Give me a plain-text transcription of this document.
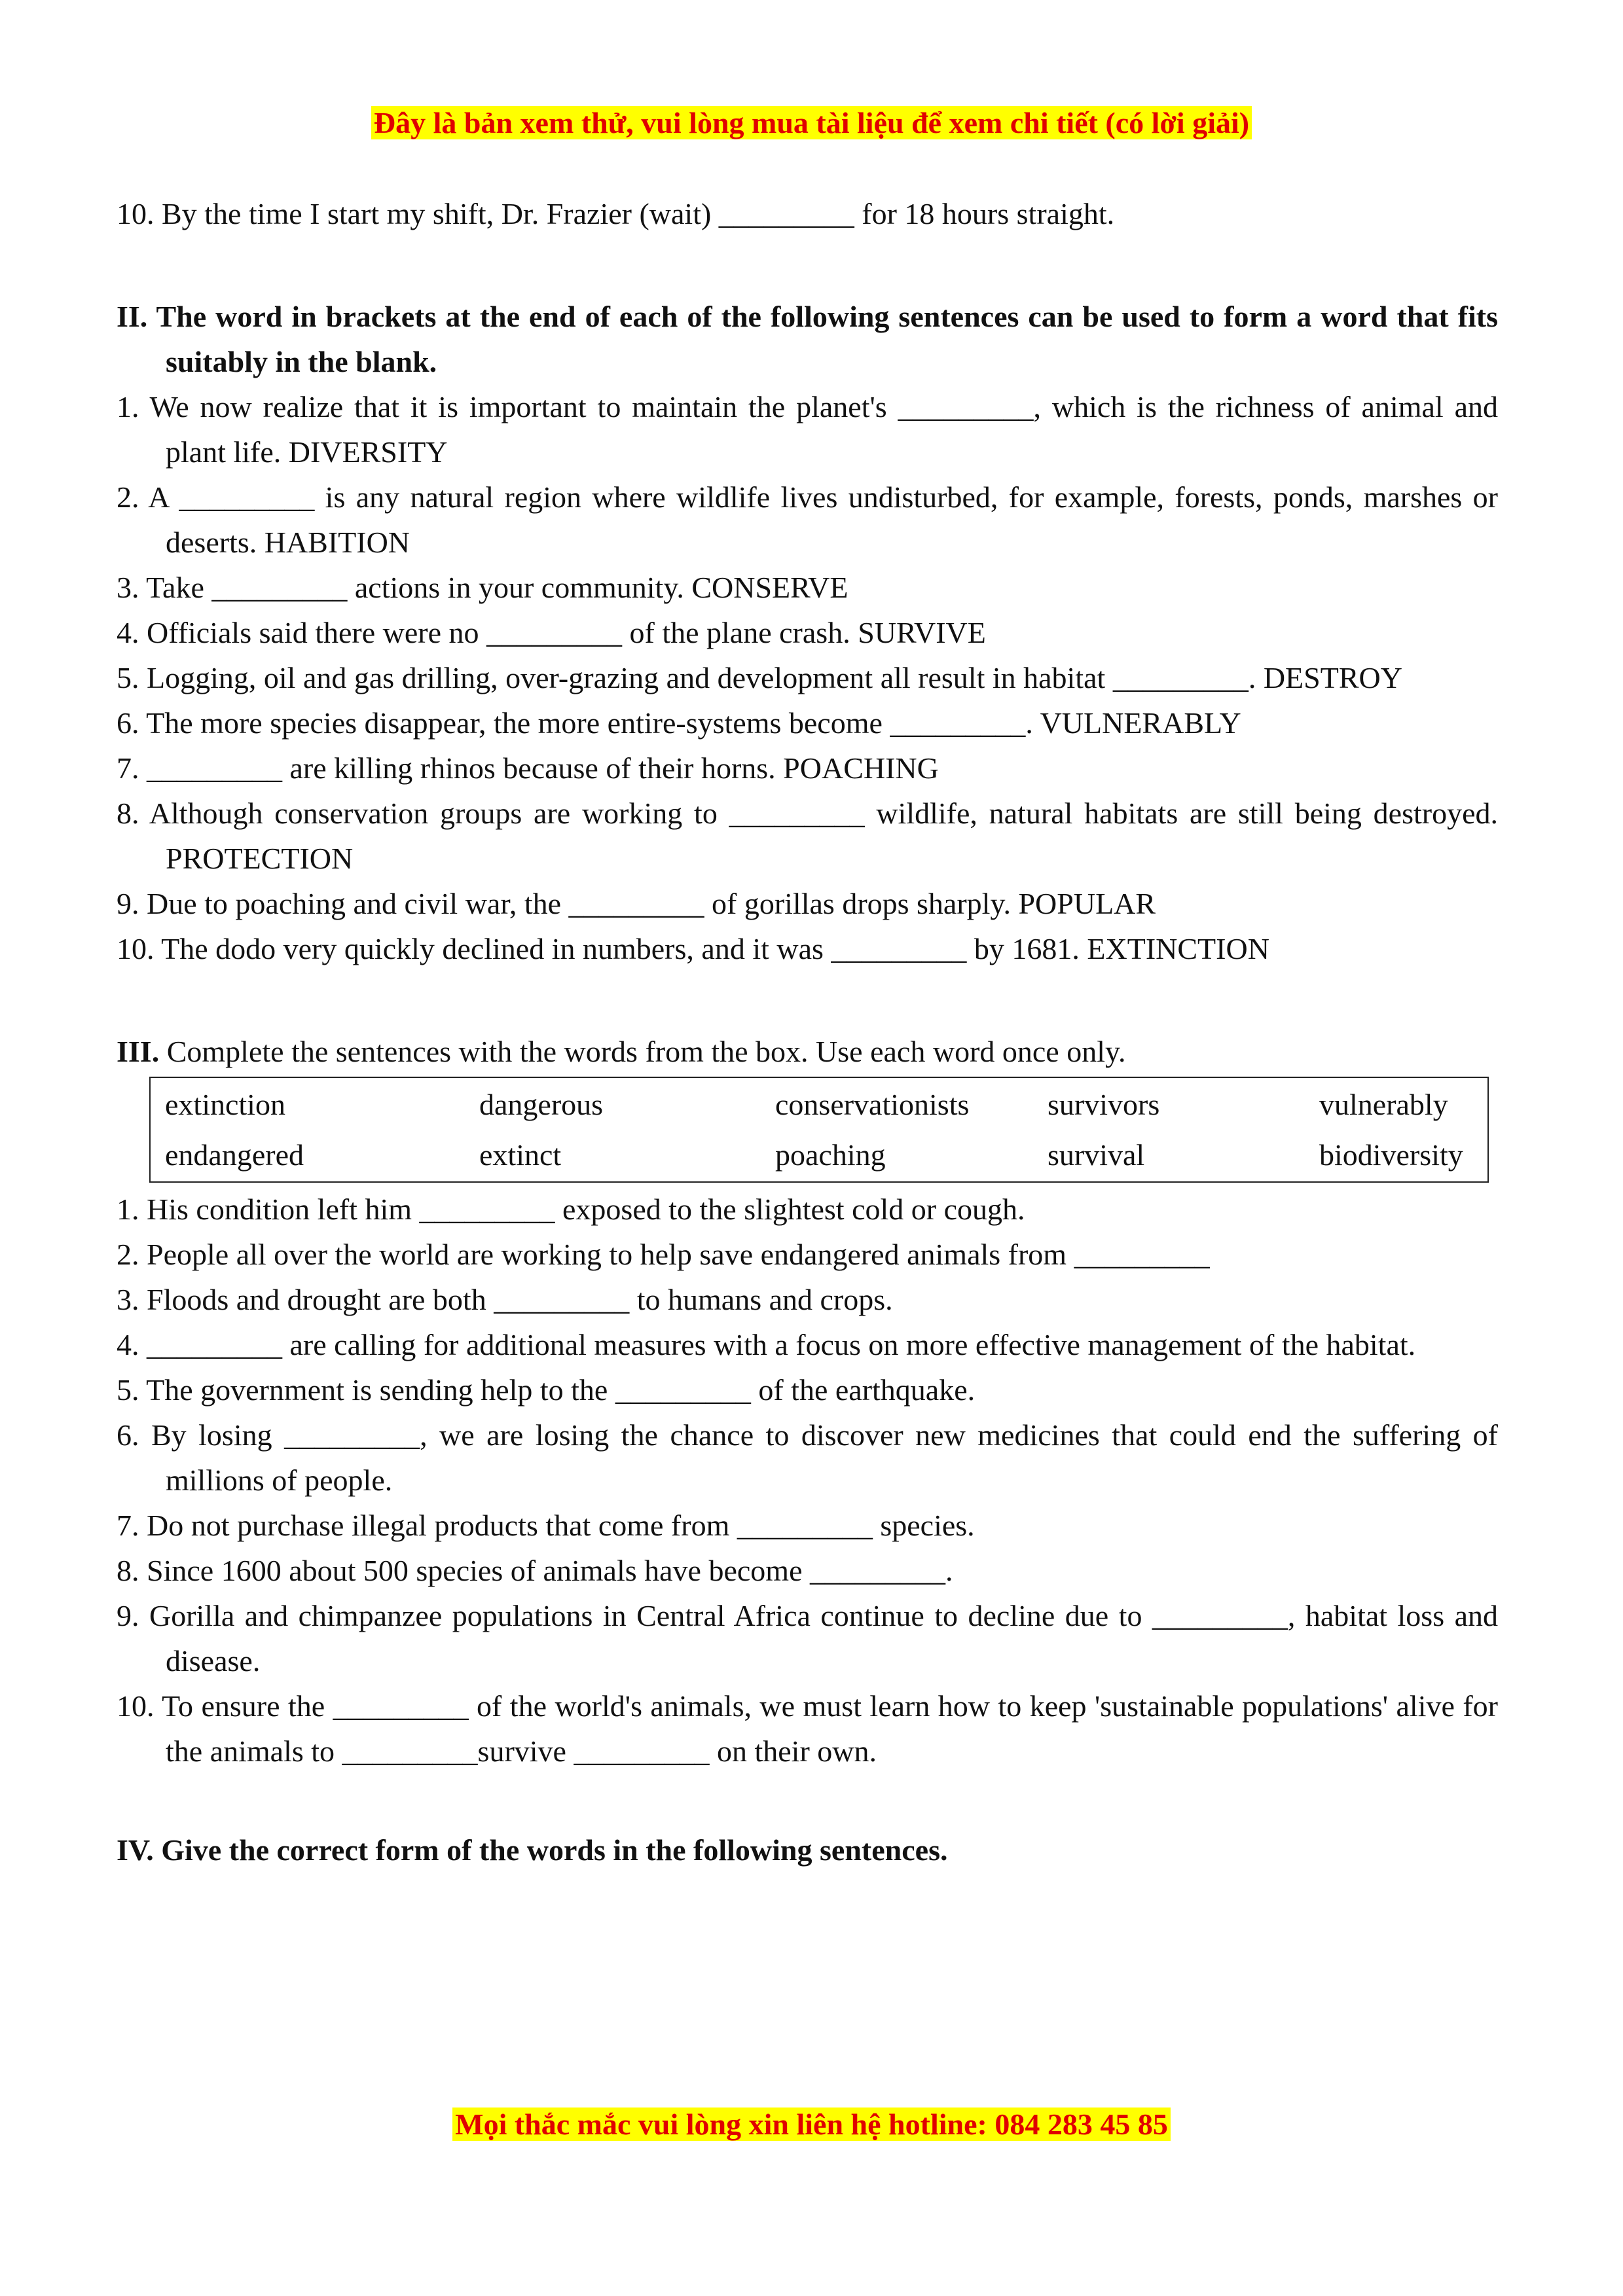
Đây là bản xem thử, vui lòng mua tài liệu để xem chi tiết (có lời giải)

10. By the time I start my shift, Dr. Frazier (wait) _________ for 18 hours straight.

II. The word in brackets at the end of each of the following sentences can be used to form a word that fits suitably in the blank.

1. We now realize that it is important to maintain the planet's _________, which is the richness of animal and plant life. DIVERSITY

2. A _________ is any natural region where wildlife lives undisturbed, for example, forests, ponds, marshes or deserts. HABITION

3. Take _________ actions in your community. CONSERVE

4. Officials said there were no _________ of the plane crash. SURVIVE

5. Logging, oil and gas drilling, over-grazing and development all result in habitat _________. DESTROY

6. The more species disappear, the more entire-systems become _________. VULNERABLY

7. _________ are killing rhinos because of their horns. POACHING

8. Although conservation groups are working to _________ wildlife, natural habitats are still being destroyed. PROTECTION

9. Due to poaching and civil war, the _________ of gorillas drops sharply. POPULAR

10. The dodo very quickly declined in numbers, and it was _________ by 1681. EXTINCTION

III. Complete the sentences with the words from the box. Use each word once only.

extinction	dangerous	conservationists	survivors	vulnerably
endangered	extinct	poaching	survival	biodiversity

1. His condition left him _________ exposed to the slightest cold or cough.

2. People all over the world are working to help save endangered animals from _________

3. Floods and drought are both _________ to humans and crops.

4. _________ are calling for additional measures with a focus on more effective management of the habitat.

5. The government is sending help to the _________ of the earthquake.

6. By losing _________, we are losing the chance to discover new medicines that could end the suffering of millions of people.

7. Do not purchase illegal products that come from _________ species.

8. Since 1600 about 500 species of animals have become _________.

9. Gorilla and chimpanzee populations in Central Africa continue to decline due to _________, habitat loss and disease.

10. To ensure the _________ of the world's animals, we must learn how to keep 'sustainable populations' alive for the animals to _________survive _________ on their own.

IV. Give the correct form of the words in the following sentences.

Mọi thắc mắc vui lòng xin liên hệ hotline: 084 283 45 85
